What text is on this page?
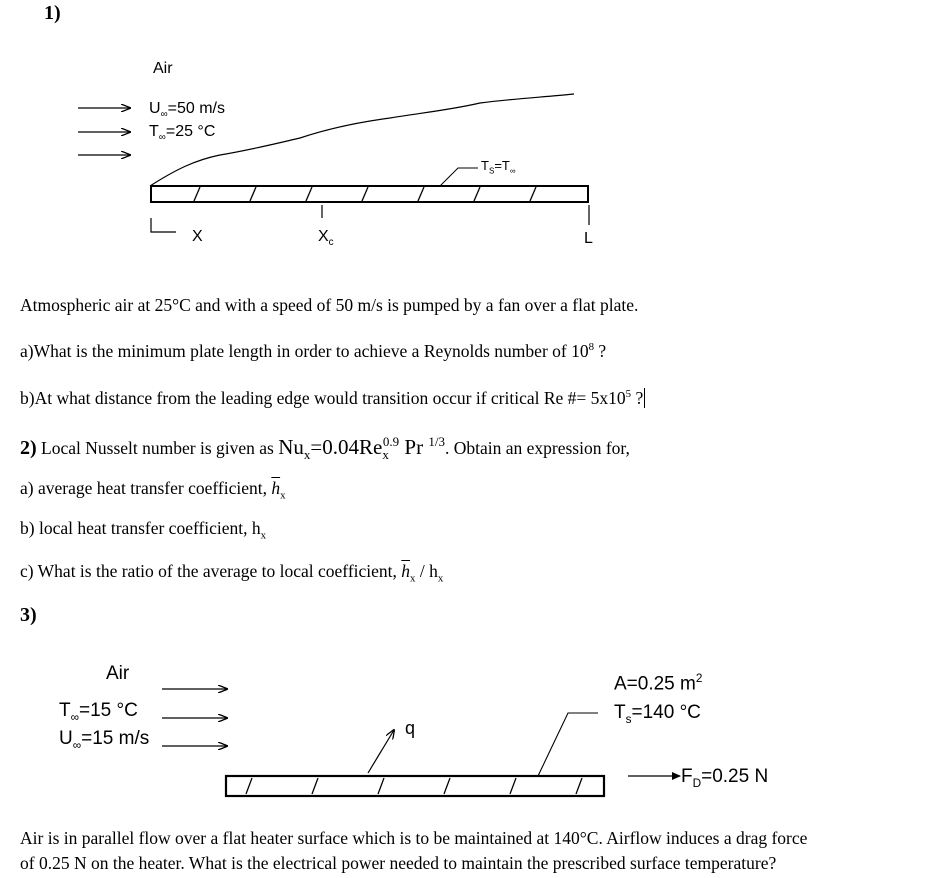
1)
Air
$U_\infty=50$ m/s
$T_\infty=25$ °C
$T_S=T_\infty$
X	$X_c$	L
Atmospheric air at 25°C and with a speed of 50 m/s is pumped by a fan over a flat plate.
a)What is the minimum plate length in order to achieve a Reynolds number of $10^8$ ?
b)At what distance from the leading edge would transition occur if critical Re #= $5x10^5$ ?
2) Local Nusselt number is given as $Nu_x=0.04Re_x^{0.9}$ Pr $^{1/3}$. Obtain an expression for,
a) average heat transfer coefficient, $\overline{h}_x$
b) local heat transfer coefficient, $h_x$
c) What is the ratio of the average to local coefficient, $\overline{h}_x / h_x$
3)
Air
$T_\infty=15$ °C
$U_\infty=15$ m/s	q
A=0.25 $m^2$
$T_s=140$ °C
$F_D=0.25$ N
Air is in parallel flow over a flat heater surface which is to be maintained at 140°C. Airflow induces a drag force
of 0.25 N on the heater. What is the electrical power needed to maintain the prescribed surface temperature?
